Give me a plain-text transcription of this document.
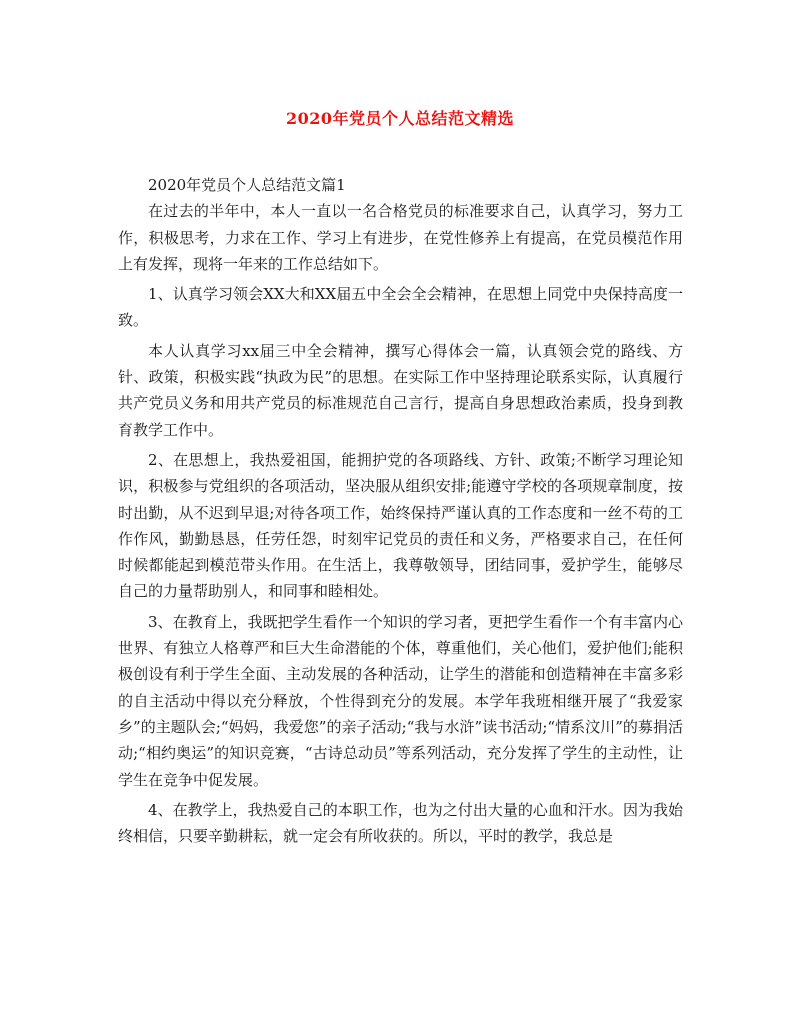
2020年党员个人总结范文精选

2020年党员个人总结范文篇1

在过去的半年中，本人一直以一名合格党员的标准要求自己，认真学习，努力工作，积极思考，力求在工作、学习上有进步，在党性修养上有提高，在党员模范作用上有发挥，现将一年来的工作总结如下。

1、认真学习领会XX大和XX届五中全会全会精神，在思想上同党中央保持高度一致。

本人认真学习xx届三中全会精神，撰写心得体会一篇，认真领会党的路线、方针、政策，积极实践“执政为民”的思想。在实际工作中坚持理论联系实际，认真履行共产党员义务和用共产党员的标准规范自己言行，提高自身思想政治素质，投身到教育教学工作中。

2、在思想上，我热爱祖国，能拥护党的各项路线、方针、政策;不断学习理论知识，积极参与党组织的各项活动，坚决服从组织安排;能遵守学校的各项规章制度，按时出勤，从不迟到早退;对待各项工作，始终保持严谨认真的工作态度和一丝不苟的工作作风，勤勤恳恳，任劳任怨，时刻牢记党员的责任和义务，严格要求自己，在任何时候都能起到模范带头作用。在生活上，我尊敬领导，团结同事，爱护学生，能够尽自己的力量帮助别人，和同事和睦相处。

3、在教育上，我既把学生看作一个知识的学习者，更把学生看作一个有丰富内心世界、有独立人格尊严和巨大生命潜能的个体，尊重他们，关心他们，爱护他们;能积极创设有利于学生全面、主动发展的各种活动，让学生的潜能和创造精神在丰富多彩的自主活动中得以充分释放，个性得到充分的发展。本学年我班相继开展了“我爱家乡”的主题队会;“妈妈，我爱您”的亲子活动;“我与水浒”读书活动;“情系汶川”的募捐活动;“相约奥运”的知识竞赛，“古诗总动员”等系列活动，充分发挥了学生的主动性，让学生在竞争中促发展。

4、在教学上，我热爱自己的本职工作，也为之付出大量的心血和汗水。因为我始终相信，只要辛勤耕耘，就一定会有所收获的。所以，平时的教学，我总是
